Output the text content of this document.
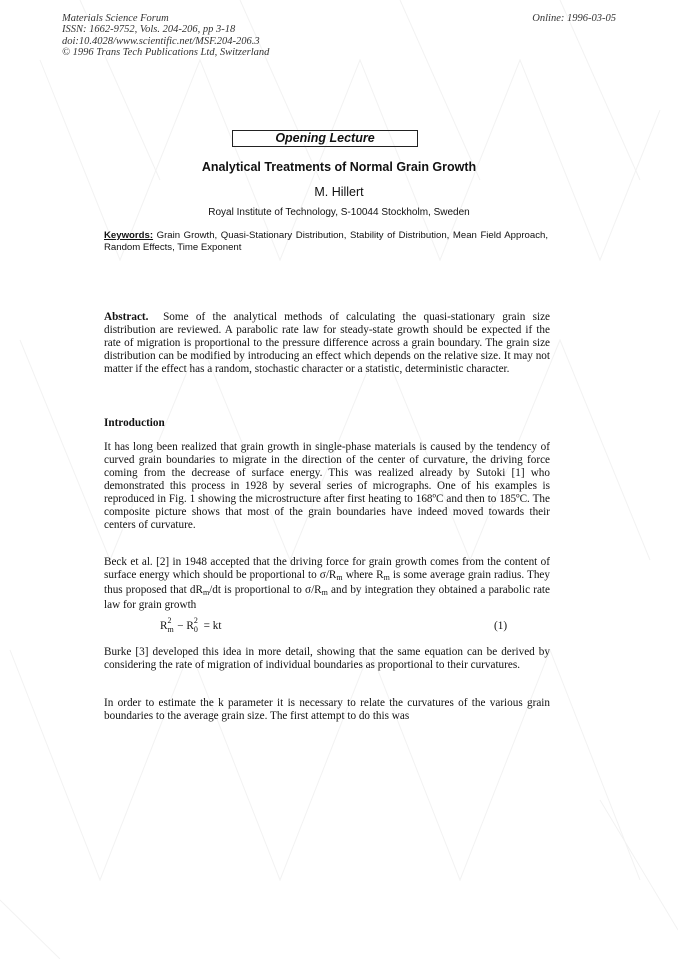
Materials Science Forum
ISSN: 1662-9752, Vols. 204-206, pp 3-18
doi:10.4028/www.scientific.net/MSF.204-206.3
© 1996 Trans Tech Publications Ltd, Switzerland
Online: 1996-03-05
Opening Lecture
Analytical Treatments of Normal Grain Growth
M. Hillert
Royal Institute of Technology, S-10044 Stockholm, Sweden
Keywords: Grain Growth, Quasi-Stationary Distribution, Stability of Distribution, Mean Field Approach, Random Effects, Time Exponent
Abstract. Some of the analytical methods of calculating the quasi-stationary grain size distribution are reviewed. A parabolic rate law for steady-state growth should be expected if the rate of migration is proportional to the pressure difference across a grain boundary. The grain size distribution can be modified by introducing an effect which depends on the relative size. It may not matter if the effect has a random, stochastic character or a statistic, deterministic character.
Introduction
It has long been realized that grain growth in single-phase materials is caused by the tendency of curved grain boundaries to migrate in the direction of the center of curvature, the driving force coming from the decrease of surface energy. This was realized already by Sutoki [1] who demonstrated this process in 1928 by several series of micrographs. One of his examples is reproduced in Fig. 1 showing the microstructure after first heating to 168ºC and then to 185ºC. The composite picture shows that most of the grain boundaries have indeed moved towards their centers of curvature.
Beck et al. [2] in 1948 accepted that the driving force for grain growth comes from the content of surface energy which should be proportional to $\sigma/R_m$ where $R_m$ is some average grain radius. They thus proposed that $dR_m/dt$ is proportional to $\sigma/R_m$ and by integration they obtained a parabolic rate law for grain growth
R 2
m − R 2
0 = kt	(1)
Burke [3] developed this idea in more detail, showing that the same equation can be derived by considering the rate of migration of individual boundaries as proportional to their curvatures.
In order to estimate the k parameter it is necessary to relate the curvatures of the various grain boundaries to the average grain size. The first attempt to do this was
